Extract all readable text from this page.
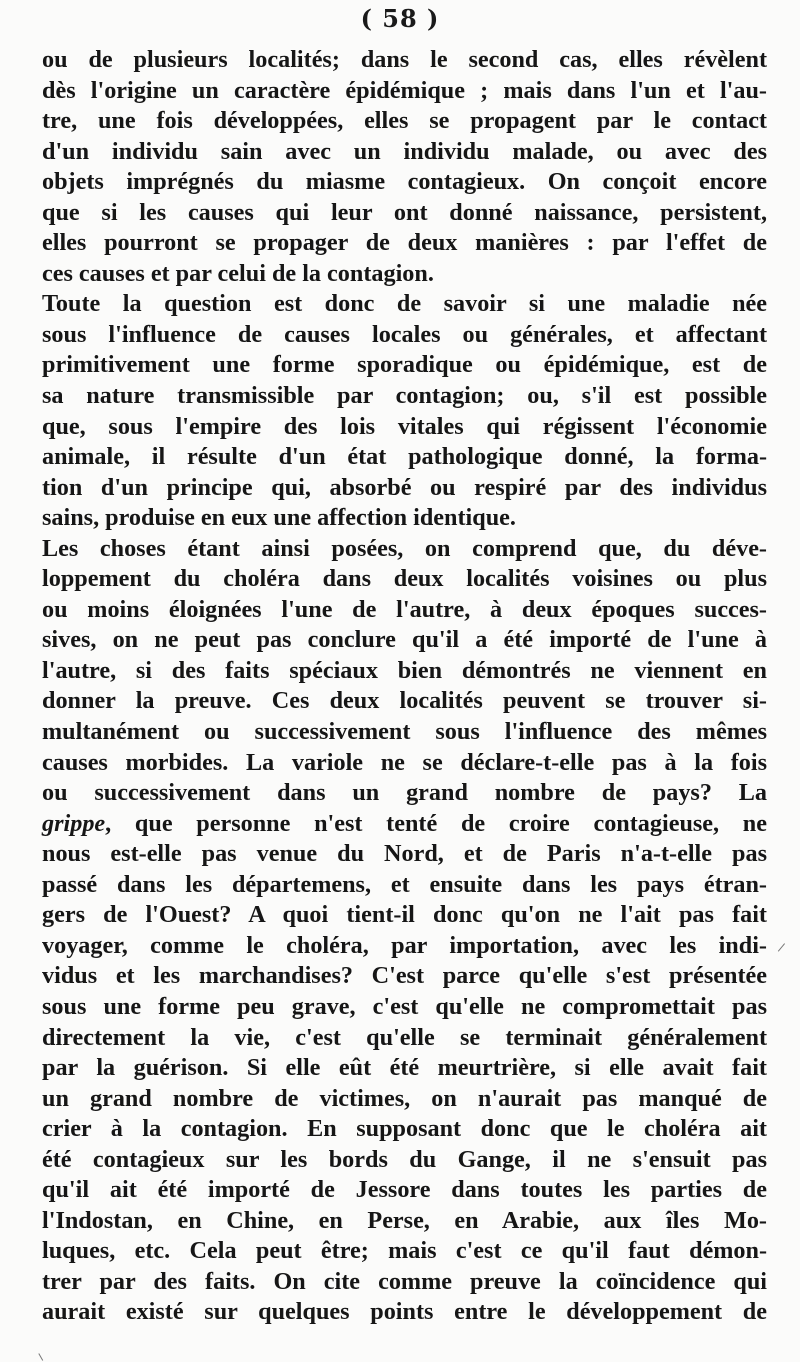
( 58 )
ou de plusieurs localités; dans le second cas, elles révèlent
dès l'origine un caractère épidémique ; mais dans l'un et l'au-
tre, une fois développées, elles se propagent par le contact
d'un individu sain avec un individu malade, ou avec des
objets imprégnés du miasme contagieux. On conçoit encore
que si les causes qui leur ont donné naissance, persistent,
elles pourront se propager de deux manières : par l'effet de
ces causes et par celui de la contagion.
Toute la question est donc de savoir si une maladie née
sous l'influence de causes locales ou générales, et affectant
primitivement une forme sporadique ou épidémique, est de
sa nature transmissible par contagion; ou, s'il est possible
que, sous l'empire des lois vitales qui régissent l'économie
animale, il résulte d'un état pathologique donné, la forma-
tion d'un principe qui, absorbé ou respiré par des individus
sains, produise en eux une affection identique.
Les choses étant ainsi posées, on comprend que, du déve-
loppement du choléra dans deux localités voisines ou plus
ou moins éloignées l'une de l'autre, à deux époques succes-
sives, on ne peut pas conclure qu'il a été importé de l'une à
l'autre, si des faits spéciaux bien démontrés ne viennent en
donner la preuve. Ces deux localités peuvent se trouver si-
multanément ou successivement sous l'influence des mêmes
causes morbides. La variole ne se déclare-t-elle pas à la fois
ou successivement dans un grand nombre de pays? La
grippe, que personne n'est tenté de croire contagieuse, ne
nous est-elle pas venue du Nord, et de Paris n'a-t-elle pas
passé dans les départemens, et ensuite dans les pays étran-
gers de l'Ouest? A quoi tient-il donc qu'on ne l'ait pas fait
voyager, comme le choléra, par importation, avec les indi-
vidus et les marchandises? C'est parce qu'elle s'est présentée
sous une forme peu grave, c'est qu'elle ne compromettait pas
directement la vie, c'est qu'elle se terminait généralement
par la guérison. Si elle eût été meurtrière, si elle avait fait
un grand nombre de victimes, on n'aurait pas manqué de
crier à la contagion. En supposant donc que le choléra ait
été contagieux sur les bords du Gange, il ne s'ensuit pas
qu'il ait été importé de Jessore dans toutes les parties de
l'Indostan, en Chine, en Perse, en Arabie, aux îles Mo-
luques, etc. Cela peut être; mais c'est ce qu'il faut démon-
trer par des faits. On cite comme preuve la coïncidence qui
aurait existé sur quelques points entre le développement de
